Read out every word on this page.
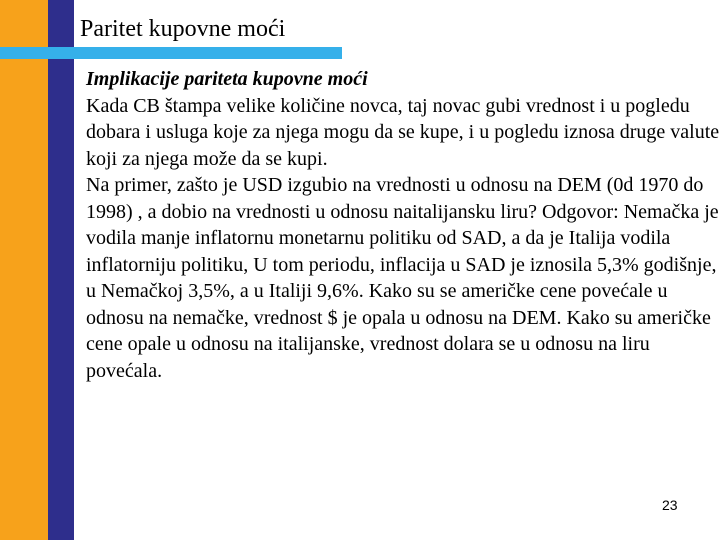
Paritet kupovne moći
Implikacije pariteta kupovne moći
Kada CB štampa velike količine novca, taj novac gubi vrednost i u pogledu dobara i usluga koje za njega mogu da se kupe, i u pogledu iznosa druge valute koji za njega može da se kupi.
Na primer, zašto je USD izgubio na vrednosti u odnosu na DEM (0d 1970 do 1998) , a dobio na vrednosti u odnosu naitalijansku liru? Odgovor: Nemačka je vodila manje inflatornu monetarnu politiku od SAD, a da je Italija vodila inflatorniju politiku, U tom periodu, inflacija u SAD je iznosila 5,3% godišnje, u Nemačkoj 3,5%, a u Italiji 9,6%. Kako su se američke cene povećale u odnosu na nemačke, vrednost $ je opala u odnosu na DEM. Kako su američke cene opale u odnosu na italijanske, vrednost dolara se u odnosu na liru povećala.
23
